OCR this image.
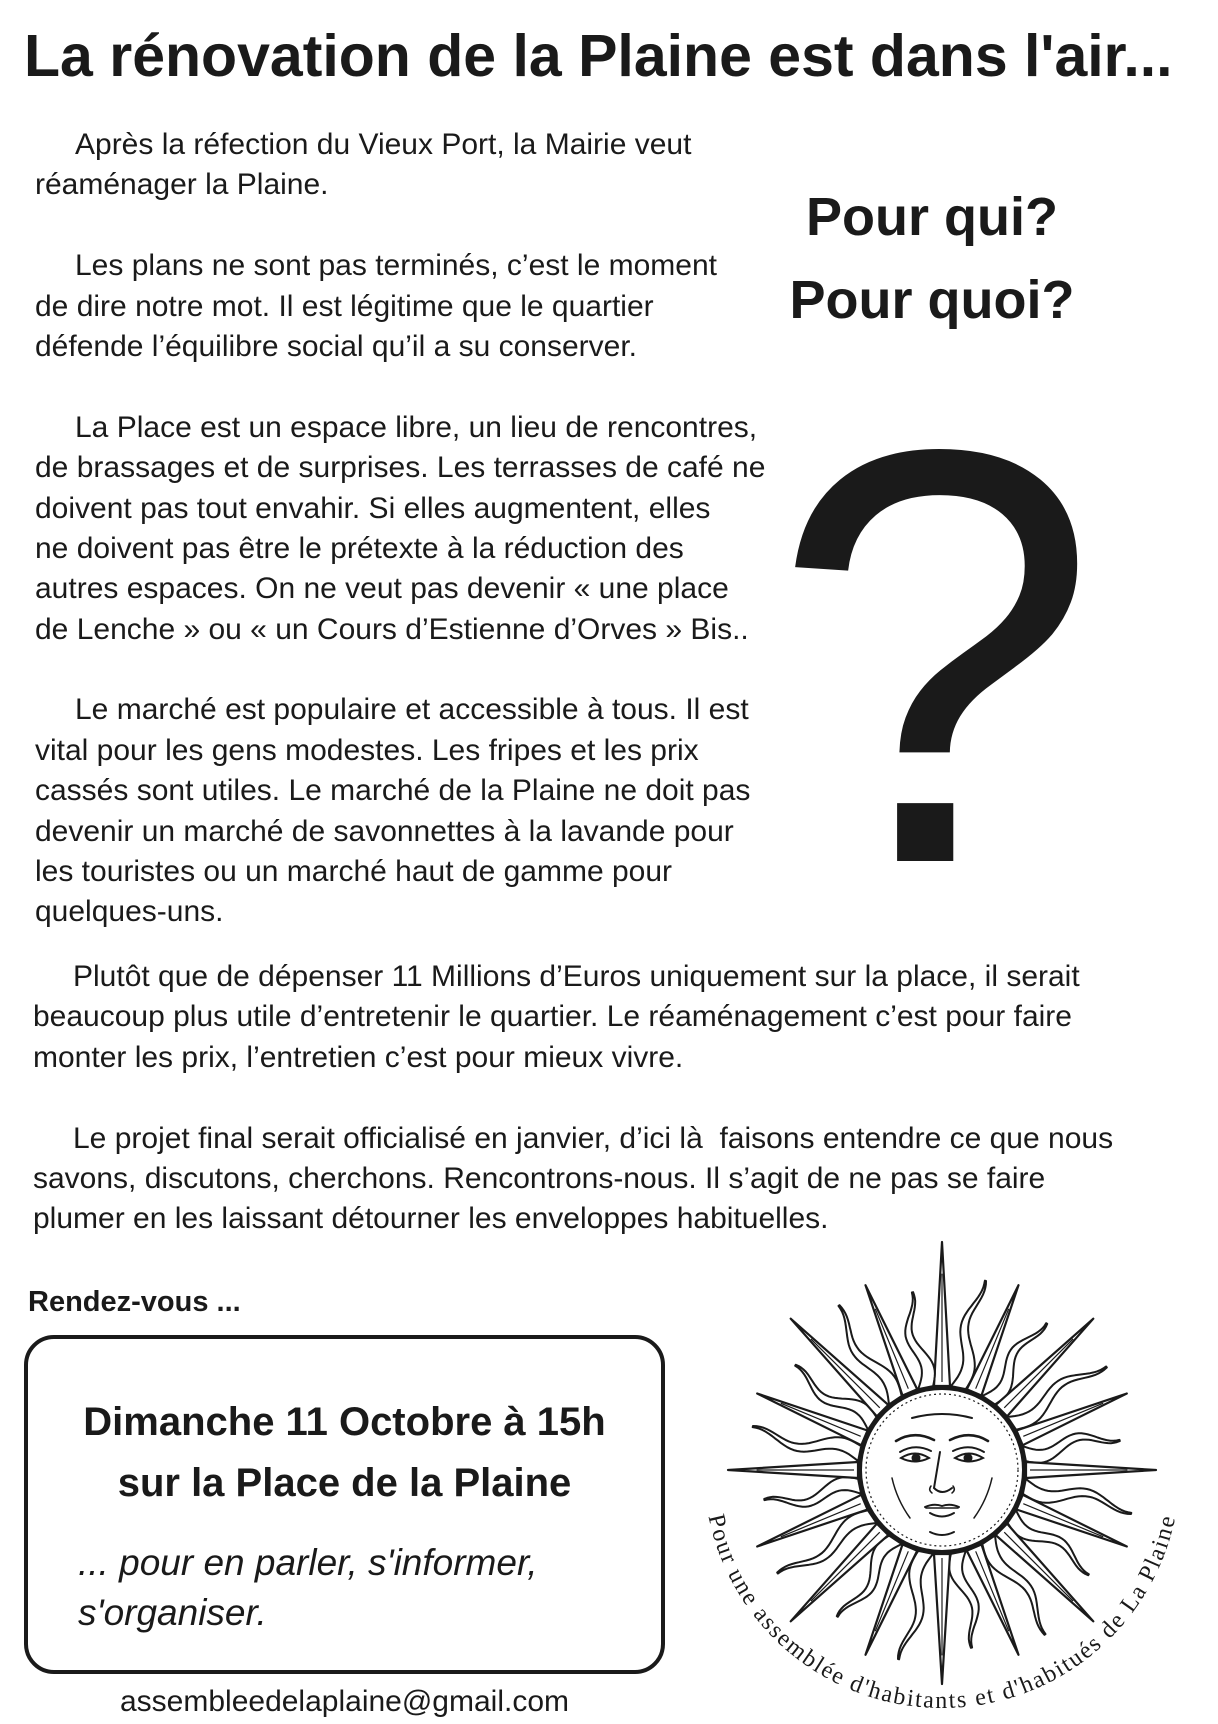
?
Pour une assemblée d'habitants et d'habitués de La Plaine
La rénovation de la Plaine est dans l'air...
Après la réfection du Vieux Port, la Mairie veut
réaménager la Plaine.
Les plans ne sont pas terminés, c’est le moment
de dire notre mot. Il est légitime que le quartier
défende l’équilibre social qu’il a su conserver.
La Place est un espace libre, un lieu de rencontres,
de brassages et de surprises. Les terrasses de café ne
doivent pas tout envahir. Si elles augmentent, elles
ne doivent pas être le prétexte à la réduction des
autres espaces. On ne veut pas devenir « une place
de Lenche » ou « un Cours d’Estienne d’Orves » Bis..
Le marché est populaire et accessible à tous. Il est
vital pour les gens modestes. Les fripes et les prix
cassés sont utiles. Le marché de la Plaine ne doit pas
devenir un marché de savonnettes à la lavande pour
les touristes ou un marché haut de gamme pour
quelques-uns.
Pour qui?
Pour quoi?
Plutôt que de dépenser 11 Millions d’Euros uniquement sur la place, il serait
beaucoup plus utile d’entretenir le quartier. Le réaménagement c’est pour faire
monter les prix, l’entretien c’est pour mieux vivre.
Le projet final serait officialisé en janvier, d’ici là  faisons entendre ce que nous
savons, discutons, cherchons. Rencontrons-nous. Il s’agit de ne pas se faire
plumer en les laissant détourner les enveloppes habituelles.
Rendez-vous ...
Dimanche 11 Octobre à 15h
sur la Place de la Plaine
... pour en parler, s'informer,
s'organiser.
assembleedelaplaine@gmail.com
